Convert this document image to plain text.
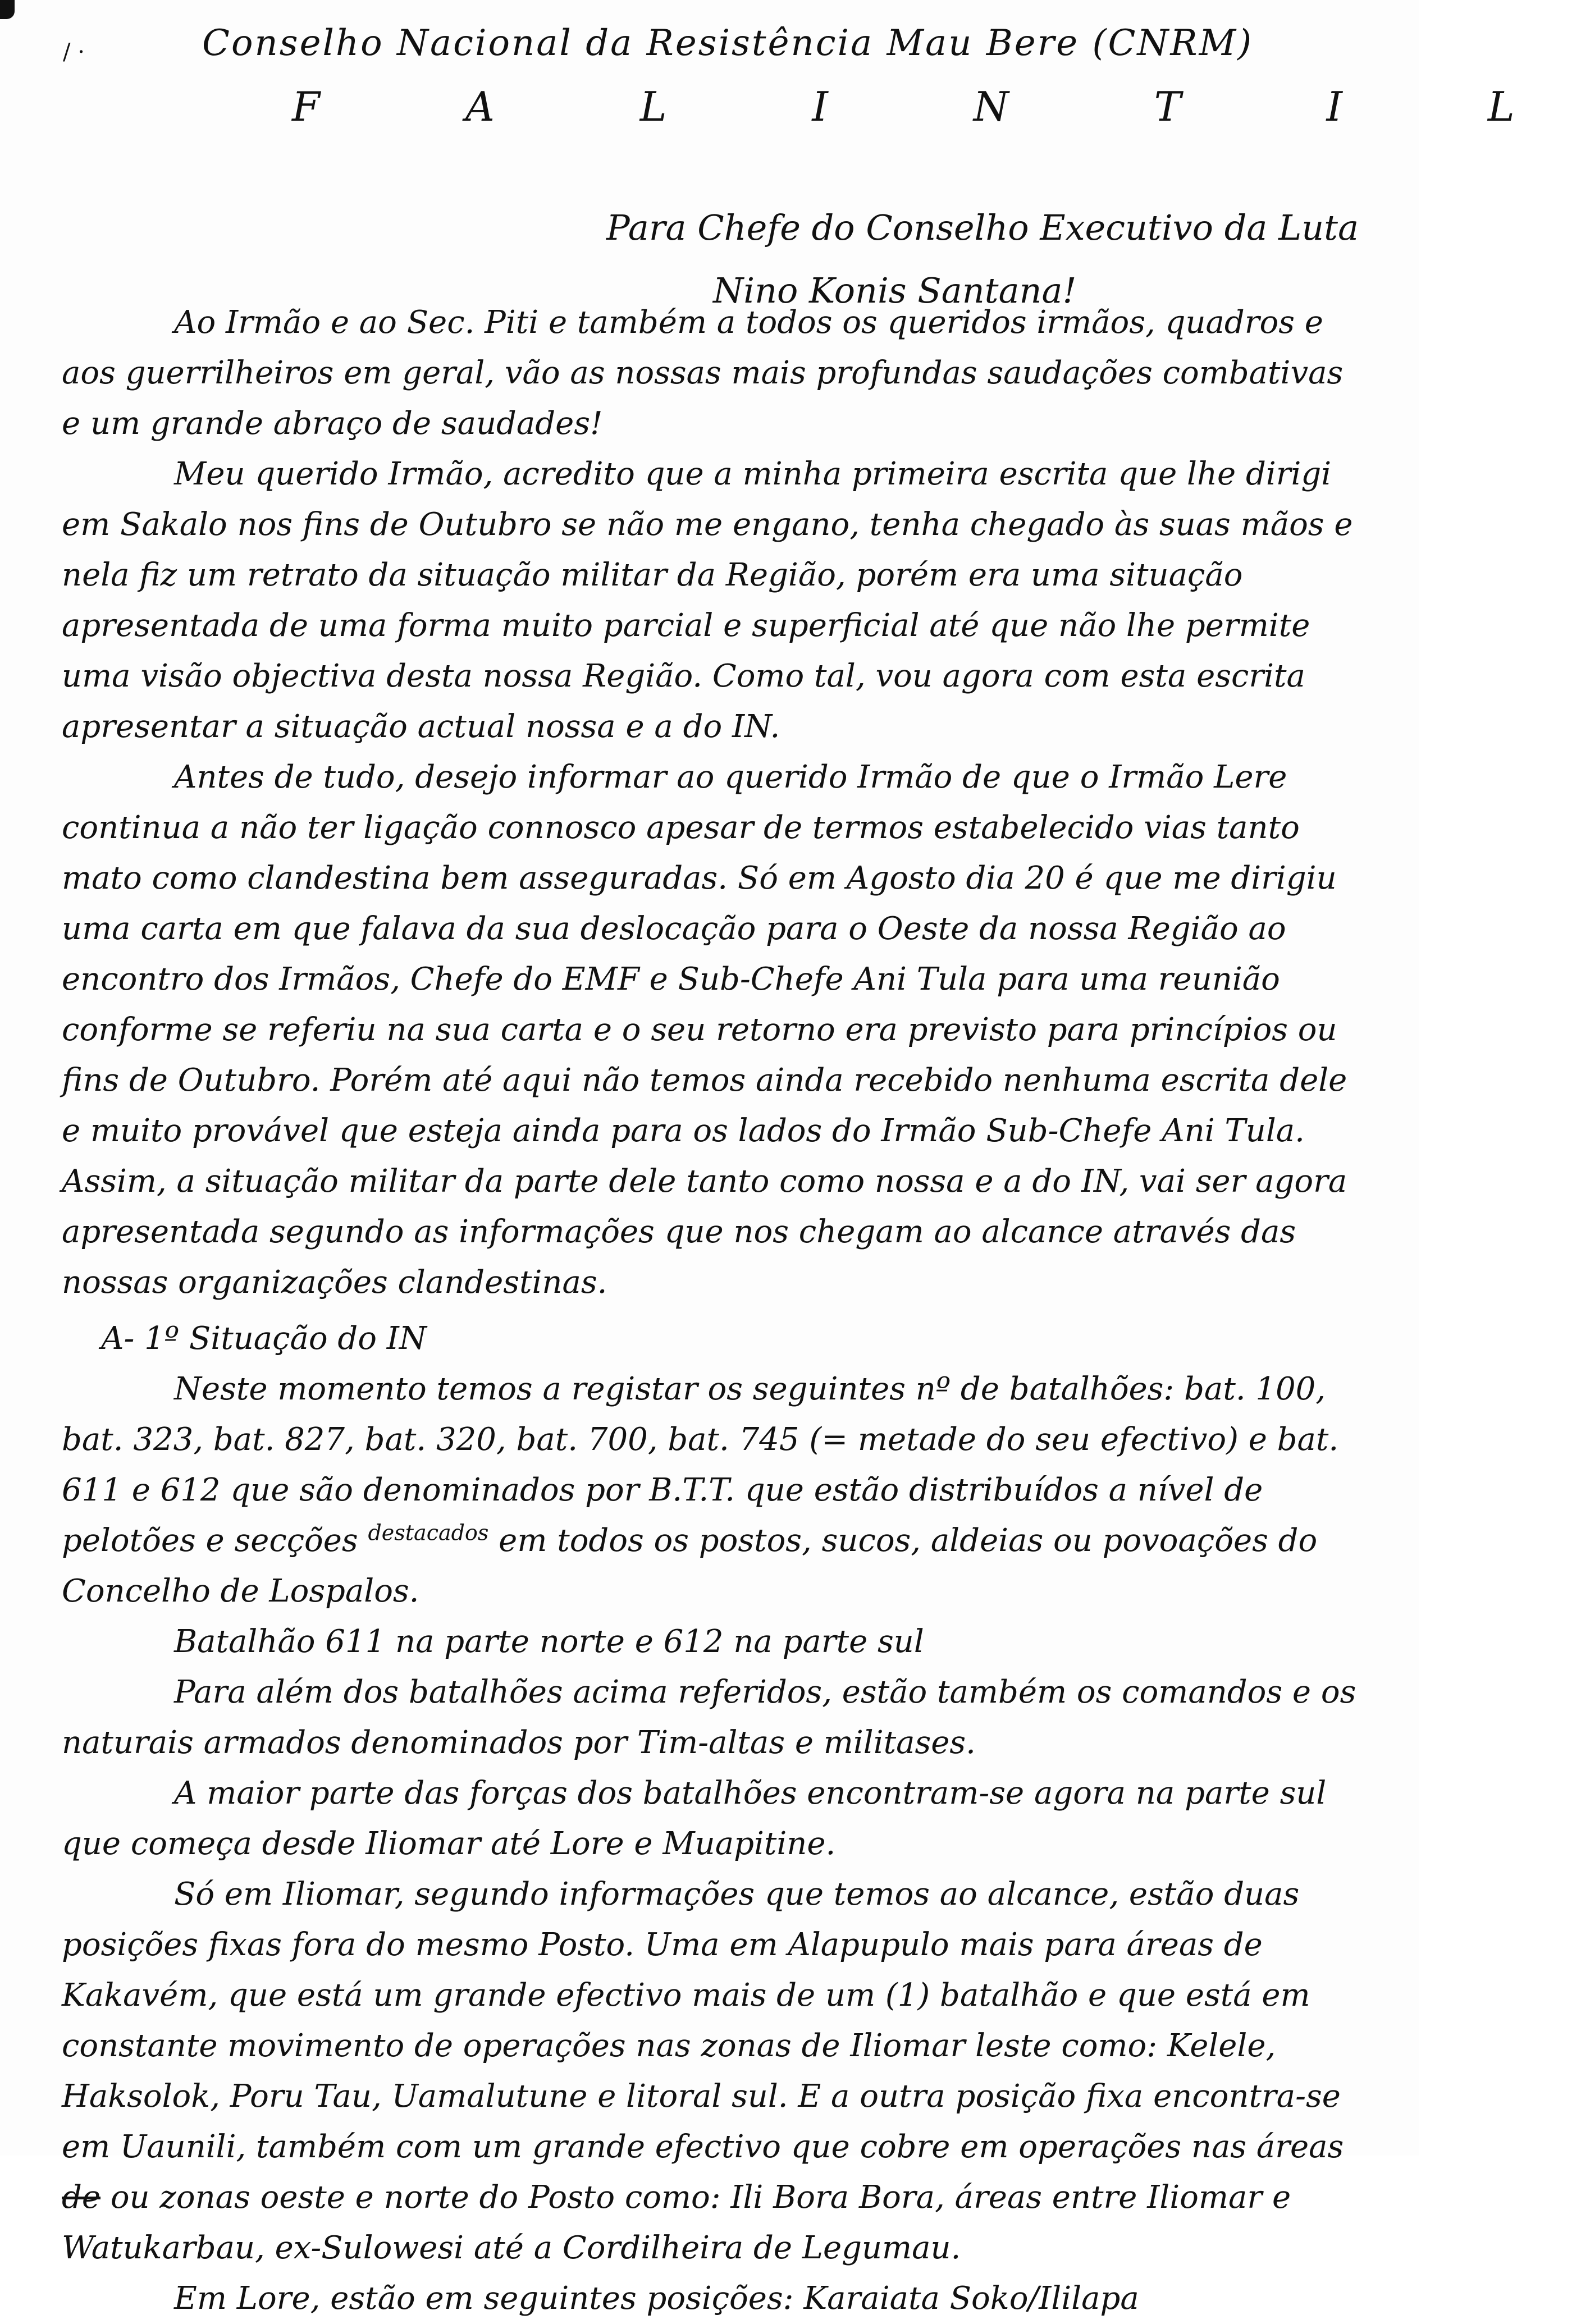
/ ·	Conselho Nacional da Resistência Mau Bere (CNRM)
F A L I N T I L
Para Chefe do Conselho Executivo da Luta
Nino Konis Santana!

Ao Irmão e ao Sec. Piti e também a todos os queridos irmãos, quadros e aos guerrilheiros em geral, vão as nossas mais profundas saudações combativas e um grande abraço de saudades!

Meu querido Irmão, acredito que a minha primeira escrita que lhe dirigi em Sakalo nos fins de Outubro se não me engano, tenha chegado às suas mãos e nela fiz um retrato da situação militar da Região, porém era uma situação apresentada de uma forma muito parcial e superficial até que não lhe permite uma visão objectiva desta nossa Região. Como tal, vou agora com esta escrita apresentar a situação actual nossa e a do IN.

Antes de tudo, desejo informar ao querido Irmão de que o Irmão Lere continua a não ter ligação connosco apesar de termos estabelecido vias tanto mato como clandestina bem asseguradas. Só em Agosto dia 20 é que me dirigiu uma carta em que falava da sua deslocação para o Oeste da nossa Região ao encontro dos Irmãos, Chefe do EMF e Sub-Chefe Ani Tula para uma reunião conforme se referiu na sua carta e o seu retorno era previsto para princípios ou fins de Outubro. Porém até aqui não temos ainda recebido nenhuma escrita dele e muito provável que esteja ainda para os lados do Irmão Sub-Chefe Ani Tula. Assim, a situação militar da parte dele tanto como nossa e a do IN, vai ser agora apresentada segundo as informações que nos chegam ao alcance através das nossas organizações clandestinas.

A- 1º Situação do IN

Neste momento temos a registar os seguintes nº de batalhões: bat. 100, bat. 323, bat. 827, bat. 320, bat. 700, bat. 745 (= metade do seu efectivo) e bat. 611 e 612 que são denominados por B.T.T. que estão distribuídos a nível de pelotões e secções $^{destacados}$ em todos os postos, sucos, aldeias ou povoações do Concelho de Lospalos.

Batalhão 611 na parte norte e 612 na parte sul

Para além dos batalhões acima referidos, estão também os comandos e os naturais armados denominados por Tim-altas e militases.

A maior parte das forças dos batalhões encontram-se agora na parte sul que começa desde Iliomar até Lore e Muapitine.

Só em Iliomar, segundo informações que temos ao alcance, estão duas posições fixas fora do mesmo Posto. Uma em Alapupulo mais para áreas de Kakavém, que está um grande efectivo mais de um (1) batalhão e que está em constante movimento de operações nas zonas de Iliomar leste como: Kelele, Haksolok, Poru Tau, Uamalutune e litoral sul. E a outra posição fixa encontra-se em Uaunili, também com um grande efectivo que cobre em operações nas áreas de ou zonas oeste e norte do Posto como: Ili Bora Bora, áreas entre Iliomar e Watukarbau, ex-Sulowesi até a Cordilheira de Legumau.

Em Lore, estão em seguintes posições: Karaiata Soko/Ililapa
